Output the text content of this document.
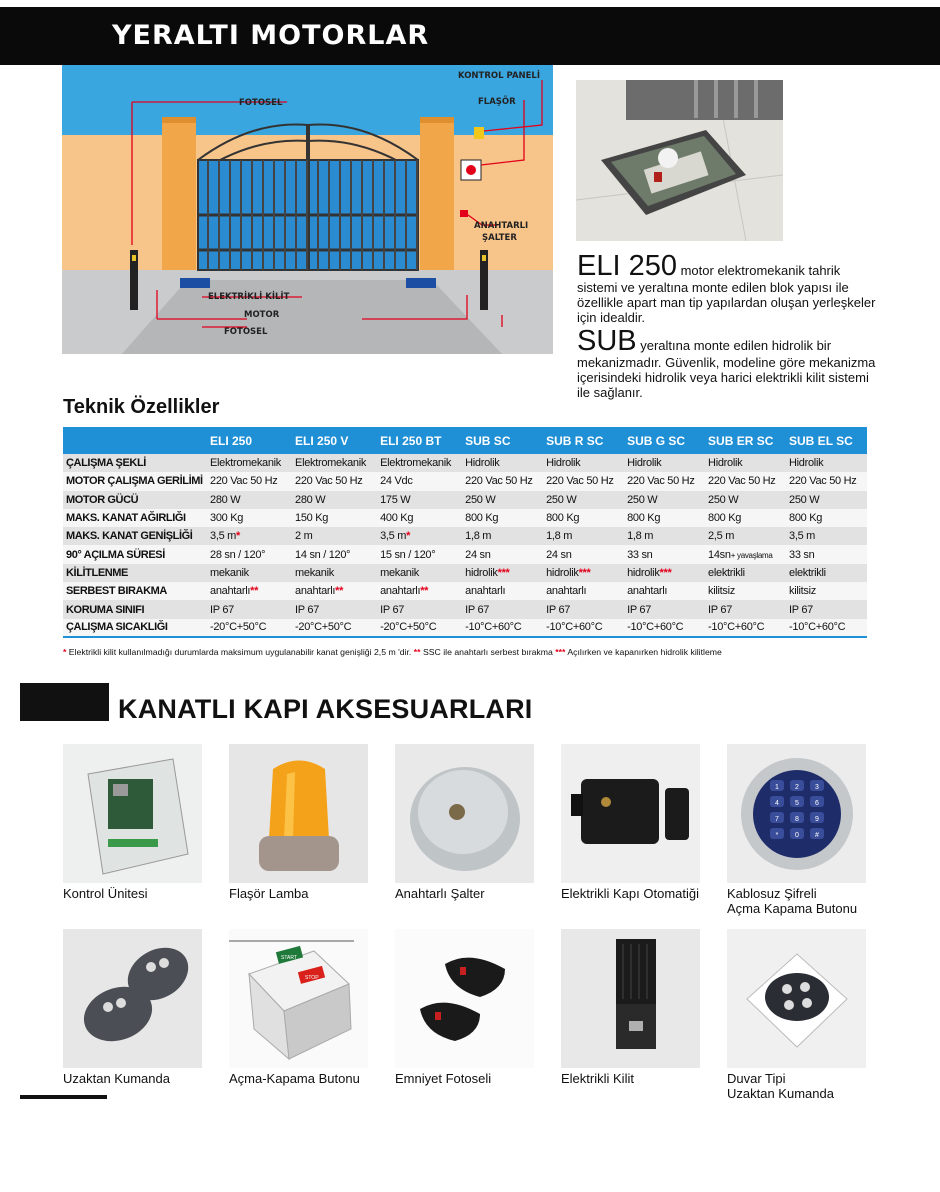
YERALTI MOTORLAR
KONTROL PANELİ
FOTOSEL	FLAŞÖR
ANAHTARLI
ŞALTER
ELEKTRİKLİ KİLİT
MOTOR
FOTOSEL

ELI 250 motor elektromekanik tahrik sistemi ve yeraltına monte edilen blok yapısı ile özellikle apart man tip yapılardan oluşan yerleşkeler için idealdir.

SUB yeraltına monte edilen hidrolik bir mekanizmadır. Güvenlik, modeline göre mekanizma içerisindeki hidrolik veya harici elektrikli kilit sistemi ile sağlanır.

Teknik Özellikler
	ELI 250	ELI 250 V	ELI 250 BT	SUB SC	SUB R SC	SUB G SC	SUB ER SC	SUB EL SC
ÇALIŞMA ŞEKLİ	Elektromekanik	Elektromekanik	Elektromekanik	Hidrolik	Hidrolik	Hidrolik	Hidrolik	Hidrolik
MOTOR ÇALIŞMA GERİLİMİ	220 Vac 50 Hz	220 Vac 50 Hz	24 Vdc	220 Vac 50 Hz	220 Vac 50 Hz	220 Vac 50 Hz	220 Vac 50 Hz	220 Vac 50 Hz
MOTOR GÜCÜ	280 W	280 W	175 W	250 W	250 W	250 W	250 W	250 W
MAKS. KANAT AĞIRLIĞI	300 Kg	150 Kg	400 Kg	800 Kg	800 Kg	800 Kg	800 Kg	800 Kg
MAKS. KANAT GENİŞLİĞİ	3,5 m*	2 m	3,5 m*	1,8 m	1,8 m	1,8 m	2,5 m	3,5 m
90° AÇILMA SÜRESİ	28 sn / 120°	14 sn / 120°	15 sn / 120°	24 sn	24 sn	33 sn	14sn+ yavaşlama	33 sn
KİLİTLENME	mekanik	mekanik	mekanik	hidrolik***	hidrolik***	hidrolik***	elektrikli	elektrikli
SERBEST BIRAKMA	anahtarlı**	anahtarlı**	anahtarlı**	anahtarlı	anahtarlı	anahtarlı	kilitsiz	kilitsiz
KORUMA SINIFI	IP 67	IP 67	IP 67	IP 67	IP 67	IP 67	IP 67	IP 67
ÇALIŞMA SICAKLIĞI	-20°C+50°C	-20°C+50°C	-20°C+50°C	-10°C+60°C	-10°C+60°C	-10°C+60°C	-10°C+60°C	-10°C+60°C
* Elektrikli kilit kullanılmadığı durumlarda maksimum uygulanabilir kanat genişliği 2,5 m 'dir. ** SSC ile anahtarlı serbest bırakma *** Açılırken ve kapanırken hidrolik kilitleme
KANATLI KAPI AKSESUARLARI
Kontrol Ünitesi	Flaşör Lamba	Anahtarlı Şalter	Elektrikli Kapı Otomatiği
1 2 3
4 5 6
7 8 9
* 0 #
Kablosuz Şifreli
Açma Kapama Butonu
Uzaktan Kumanda
START
STOP
Açma-Kapama Butonu	Emniyet Fotoseli	Elektrikli Kilit	Duvar Tipi
Uzaktan Kumanda
